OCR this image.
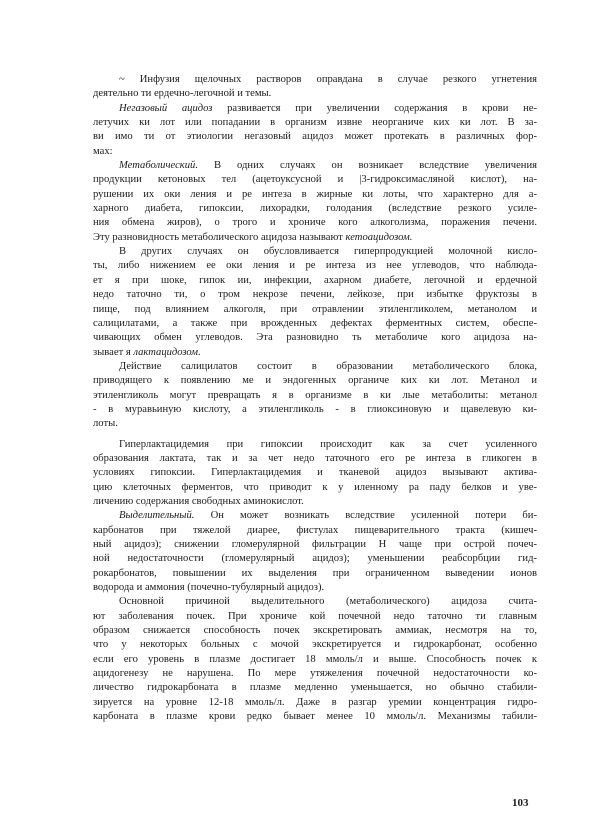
~ Инфузия щелочных растворов оправдана в случае резкого угнетения
деятельно ти ердечно-легочной и темы.
Негазовый ацидоз развивается при увеличении содержания в крови не-
летучих ки лот или попадании в организм извне неорганиче ких ки лот. В за-
ви имо ти от этиологии негазовый ацидоз может протекать в различных фор-
мах:
Метаболический. В одних случаях он возникает вследствие увеличения
продукции кетоновых тел (ацетоуксусной и |3-гидроксимасляной кислот), на-
рушении их оки ления и ре интеза в жирные ки лоты, что характерно для а-
харного диабета, гипоксии, лихорадки, голодания (вследствие резкого усиле-
ния обмена жиров), о трого и хрониче кого алкоголизма, поражения печени.
Эту разновидность метаболического ацидоза называют кетоацидозом.
В других случаях он обусловливается гиперпродукцией молочной кисло-
ты, либо нижением ее оки ления и ре интеза из нее углеводов, что наблюда-
ет я при шоке, гипок ии, инфекции, ахарном диабете, легочной и ердечной
недо таточно ти, о тром некрозе печени, лейкозе, при избытке фруктозы в
пище, под влиянием алкоголя, при отравлении этиленгликолем, метанолом и
салицилатами, а также при врожденных дефектах ферментных систем, обеспе-
чивающих обмен углеводов. Эта разновидно ть метаболиче кого ацидоза на-
зывает я лактацидозом.
Действие салицилатов состоит в образовании метаболического блока,
приводящего к появлению ме и эндогенных органиче ких ки лот. Метанол и
этиленгликоль могут превращать я в организме в ки лые метаболиты: метанол
- в муравьиную кислоту, а этиленгликоль - в глиоксиновую и щавелевую ки-
лоты.
Гиперлактацидемия при гипоксии происходит как за счет усиленного
образования лактата, так и за чет недо таточного его ре интеза в гликоген в
условиях гипоксии. Гиперлактацидемия и тканевой ацидоз вызывают актива-
цию клеточных ферментов, что приводит к у иленному ра паду белков и уве-
личению содержания свободных аминокислот.
Выделительный. Он может возникать вследствие усиленной потери би-
карбонатов при тяжелой диарее, фистулах пищеварительного тракта (кишеч-
ный ацидоз); снижении гломерулярной фильтрации Н чаще при острой почеч-
ной недостаточности (гломерулярный ацидоз); уменьшении реабсорбции гид-
рокарбонатов, повышении их выделения при ограниченном выведении ионов
водорода и аммония (почечно-тубулярный ацидоз).
Основной причиной выделительного (метаболического) ацидоза счита-
ют заболевания почек. При хрониче кой почечной недо таточно ти главным
образом снижается способность почек экскретировать аммиак, несмотря на то,
что у некоторых больных с мочой экскретируется и гидрокарбонат, особенно
если его уровень в плазме достигает 18 ммоль/л и выше. Способность почек к
ацидогенезу не нарушена. По мере утяжеления почечной недостаточности ко-
личество гидрокарбоната в плазме медленно уменьшается, но обычно стабили-
зируется на уровне 12-18 ммоль/л. Даже в разгар уремии концентрация гидро-
карбоната в плазме крови редко бывает менее 10 ммоль/л. Механизмы табили-
103
